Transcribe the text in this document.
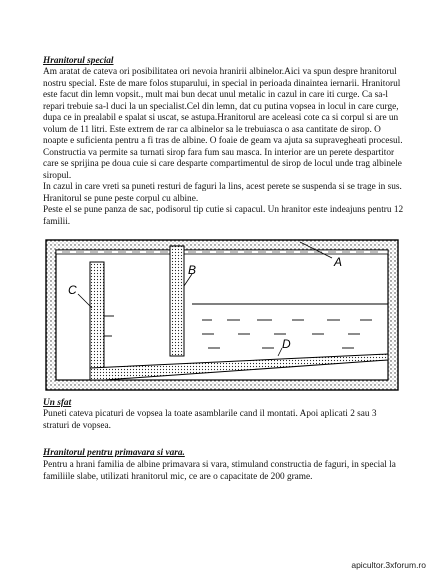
Hranitorul special

Am aratat de cateva ori posibilitatea ori nevoia hranirii albinelor.Aici va spun despre hranitorul nostru special. Este de mare folos stuparului, in special in perioada dinaintea iernarii. Hranitorul este facut din lemn vopsit., mult mai bun decat unul metalic in cazul in care iti curge. Ca sa-l repari trebuie sa-l duci la un specialist.Cel din lemn, dat cu putina vopsea in locul in care curge, dupa ce in prealabil e spalat si uscat, se astupa.Hranitorul are aceleasi cote ca si corpul si are un volum de 11 litri. Este extrem de rar ca albinelor sa le trebuiasca o asa cantitate de sirop. O noapte e suficienta pentru a fi tras de albine. O foaie de geam va ajuta sa supravegheati procesul. Constructia va permite sa turnati sirop fara fum sau masca. In interior are un perete despartitor care se sprijina pe doua cuie si care desparte compartimentul de sirop de locul unde trag albinele siropul.

In cazul in care vreti sa puneti resturi de faguri la lins, acest perete se suspenda si se trage in sus. Hranitorul se pune peste corpul cu albine.

Peste el se pune panza de sac, podisorul tip cutie si capacul. Un hranitor este indeajuns pentru 12 familii.

A
B
C
D
Un sfat

Puneti cateva picaturi de vopsea la toate asamblarile cand il montati. Apoi aplicati 2 sau 3 straturi de vopsea.

Hranitorul pentru primavara si vara.

Pentru a hrani familia de albine primavara si vara, stimuland constructia de faguri, in special la familiile slabe, utilizati hranitorul mic, ce are o capacitate de 200 grame.

apicultor.3xforum.ro
